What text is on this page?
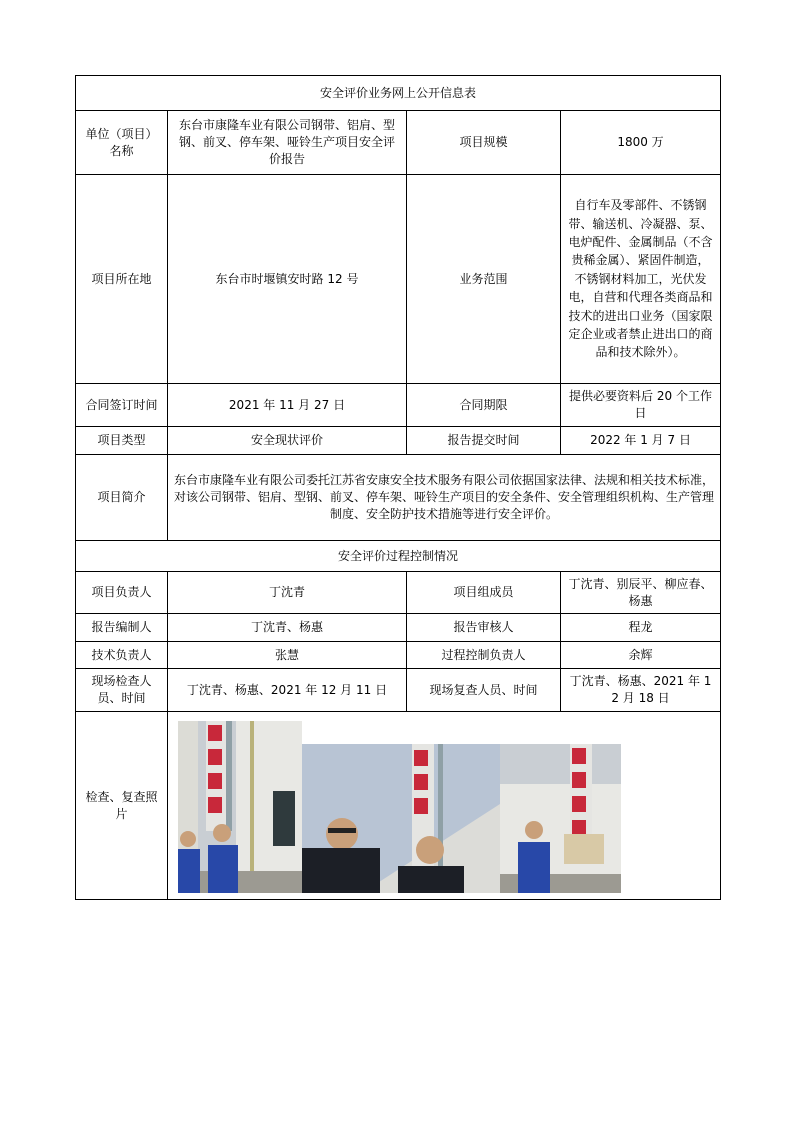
安全评价业务网上公开信息表			
单位（项目）名称	东台市康隆车业有限公司钢带、铝肩、型钢、前叉、停车架、哑铃生产项目安全评价报告	项目规模	1800 万
项目所在地	东台市时堰镇安时路 12 号	业务范围	自行车及零部件、不锈钢带、输送机、冷凝器、泵、电炉配件、金属制品（不含贵稀金属）、紧固件制造，不锈钢材料加工，光伏发电，自营和代理各类商品和技术的进出口业务（国家限定企业或者禁止进出口的商品和技术除外）。
合同签订时间	2021 年 11 月 27 日	合同期限	提供必要资料后 20 个工作日
项目类型	安全现状评价	报告提交时间	2022 年 1 月 7 日
项目简介	东台市康隆车业有限公司委托江苏省安康安全技术服务有限公司依据国家法律、法规和相关技术标准，对该公司钢带、铝肩、型钢、前叉、停车架、哑铃生产项目的安全条件、安全管理组织机构、生产管理制度、安全防护技术措施等进行安全评价。		
安全评价过程控制情况			
项目负责人	丁沈青	项目组成员	丁沈青、别辰平、柳应春、杨惠
报告编制人	丁沈青、杨惠	报告审核人	程龙
技术负责人	张慧	过程控制负责人	余辉
现场检查人员、时间	丁沈青、杨惠、2021 年 12 月 11 日	现场复查人员、时间	丁沈青、杨惠、2021 年 12 月 18 日
检查、复查照片	
